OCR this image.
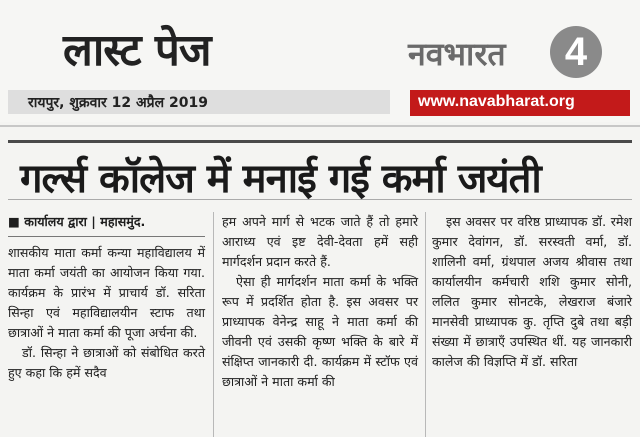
लास्ट पेज
रायपुर, शुक्रवार 12 अप्रैल 2019
नवभारत	4
www.navabharat.org
गर्ल्स कॉलेज में मनाई गई कर्मा जयंती

■ कार्यालय द्वारा | महासमुंद.

शासकीय माता कर्मा कन्या महाविद्यालय में माता कर्मा जयंती का आयोजन किया गया. कार्यक्रम के प्रारंभ में प्राचार्य डॉ. सरिता सिन्हा एवं महाविद्यालयीन स्टाफ तथा छात्राओं ने माता कर्मा की पूजा अर्चना की.

डॉ. सिन्हा ने छात्राओं को संबोधित करते हुए कहा कि हमें सदैव

हम अपने मार्ग से भटक जाते हैं तो हमारे आराध्य एवं इष्ट देवी-देवता हमें सही मार्गदर्शन प्रदान करते हैं.

ऐसा ही मार्गदर्शन माता कर्मा के भक्ति रूप में प्रदर्शित होता है. इस अवसर पर प्राध्यापक वेनेन्द्र साहू ने माता कर्मा की जीवनी एवं उसकी कृष्ण भक्ति के बारे में संक्षिप्त जानकारी दी. कार्यक्रम में स्टॉफ एवं छात्राओं ने माता कर्मा की

इस अवसर पर वरिष्ठ प्राध्यापक डॉ. रमेश कुमार देवांगन, डॉ. सरस्वती वर्मा, डॉ. शालिनी वर्मा, ग्रंथपाल अजय श्रीवास तथा कार्यालयीन कर्मचारी शशि कुमार सोनी, ललित कुमार सोनटके, लेखराज बंजारे मानसेवी प्राध्यापक कु. तृप्ति दुबे तथा बड़ी संख्या में छात्राएँ उपस्थित थीं. यह जानकारी कालेज की विज्ञप्ति में डॉ. सरिता
